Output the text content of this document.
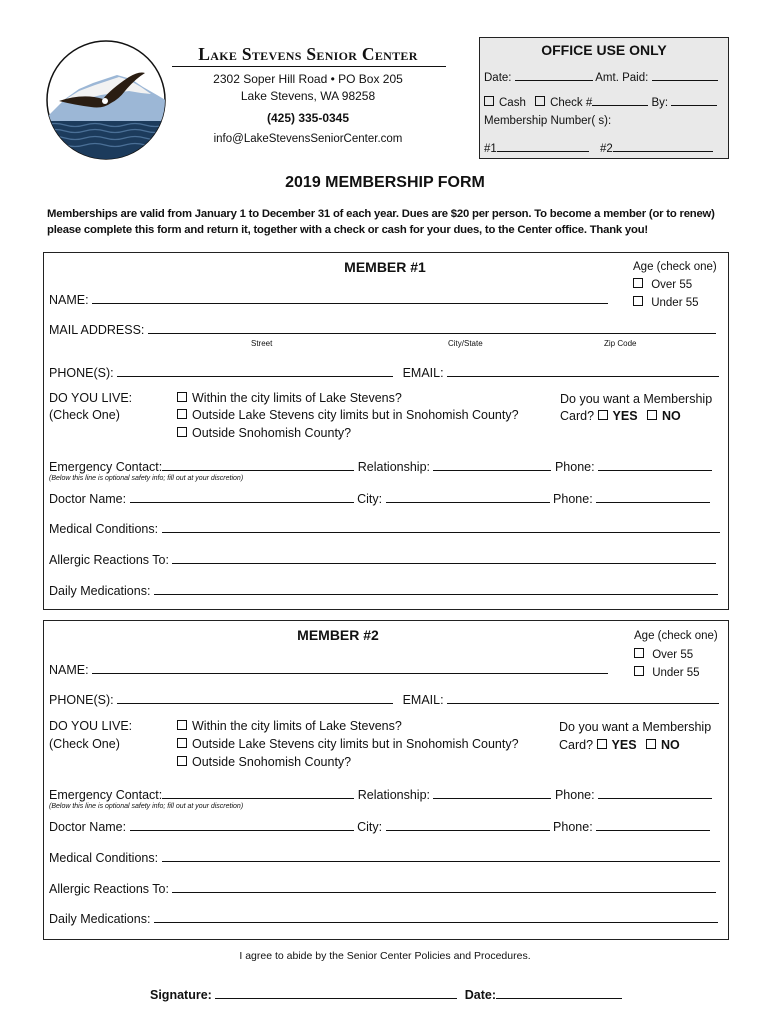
Lake Stevens Senior Center
2302 Soper Hill Road • PO Box 205
Lake Stevens, WA 98258
(425) 335-0345
info@LakeStevensSeniorCenter.com
OFFICE USE ONLY
Date:	Amt. Paid:
Cash Check #	By:
Membership Number( s):
#1	#2
2019 MEMBERSHIP FORM
Memberships are valid from January 1 to December 31 of each year. Dues are $20 per person. To become a member (or to renew) please complete this form and return it, together with a check or cash for your dues, to the Center office. Thank you!
MEMBER #1	Age (check one)
Over 55
Under 55
NAME:
MAIL ADDRESS:
Street	City/State	Zip Code
PHONE(S):	EMAIL:
DO YOU LIVE:
(Check One)
Within the city limits of Lake Stevens?
Outside Lake Stevens city limits but in Snohomish County?
Outside Snohomish County?
Do you want a Membership
Card? YES NO
Emergency Contact:	Relationship:	Phone:
(Below this line is optional safety info; fill out at your discretion)
Doctor Name:	City:	Phone:
Medical Conditions:
Allergic Reactions To:
Daily Medications:
MEMBER #2	Age (check one)
Over 55
Under 55
NAME:
PHONE(S):	EMAIL:
DO YOU LIVE:
(Check One)
Within the city limits of Lake Stevens?
Outside Lake Stevens city limits but in Snohomish County?
Outside Snohomish County?
Do you want a Membership
Card? YES NO
Emergency Contact:	Relationship:	Phone:
(Below this line is optional safety info; fill out at your discretion)
Doctor Name:	City:	Phone:
Medical Conditions:
Allergic Reactions To:
Daily Medications:
I agree to abide by the Senior Center Policies and Procedures.
Signature:	Date:
